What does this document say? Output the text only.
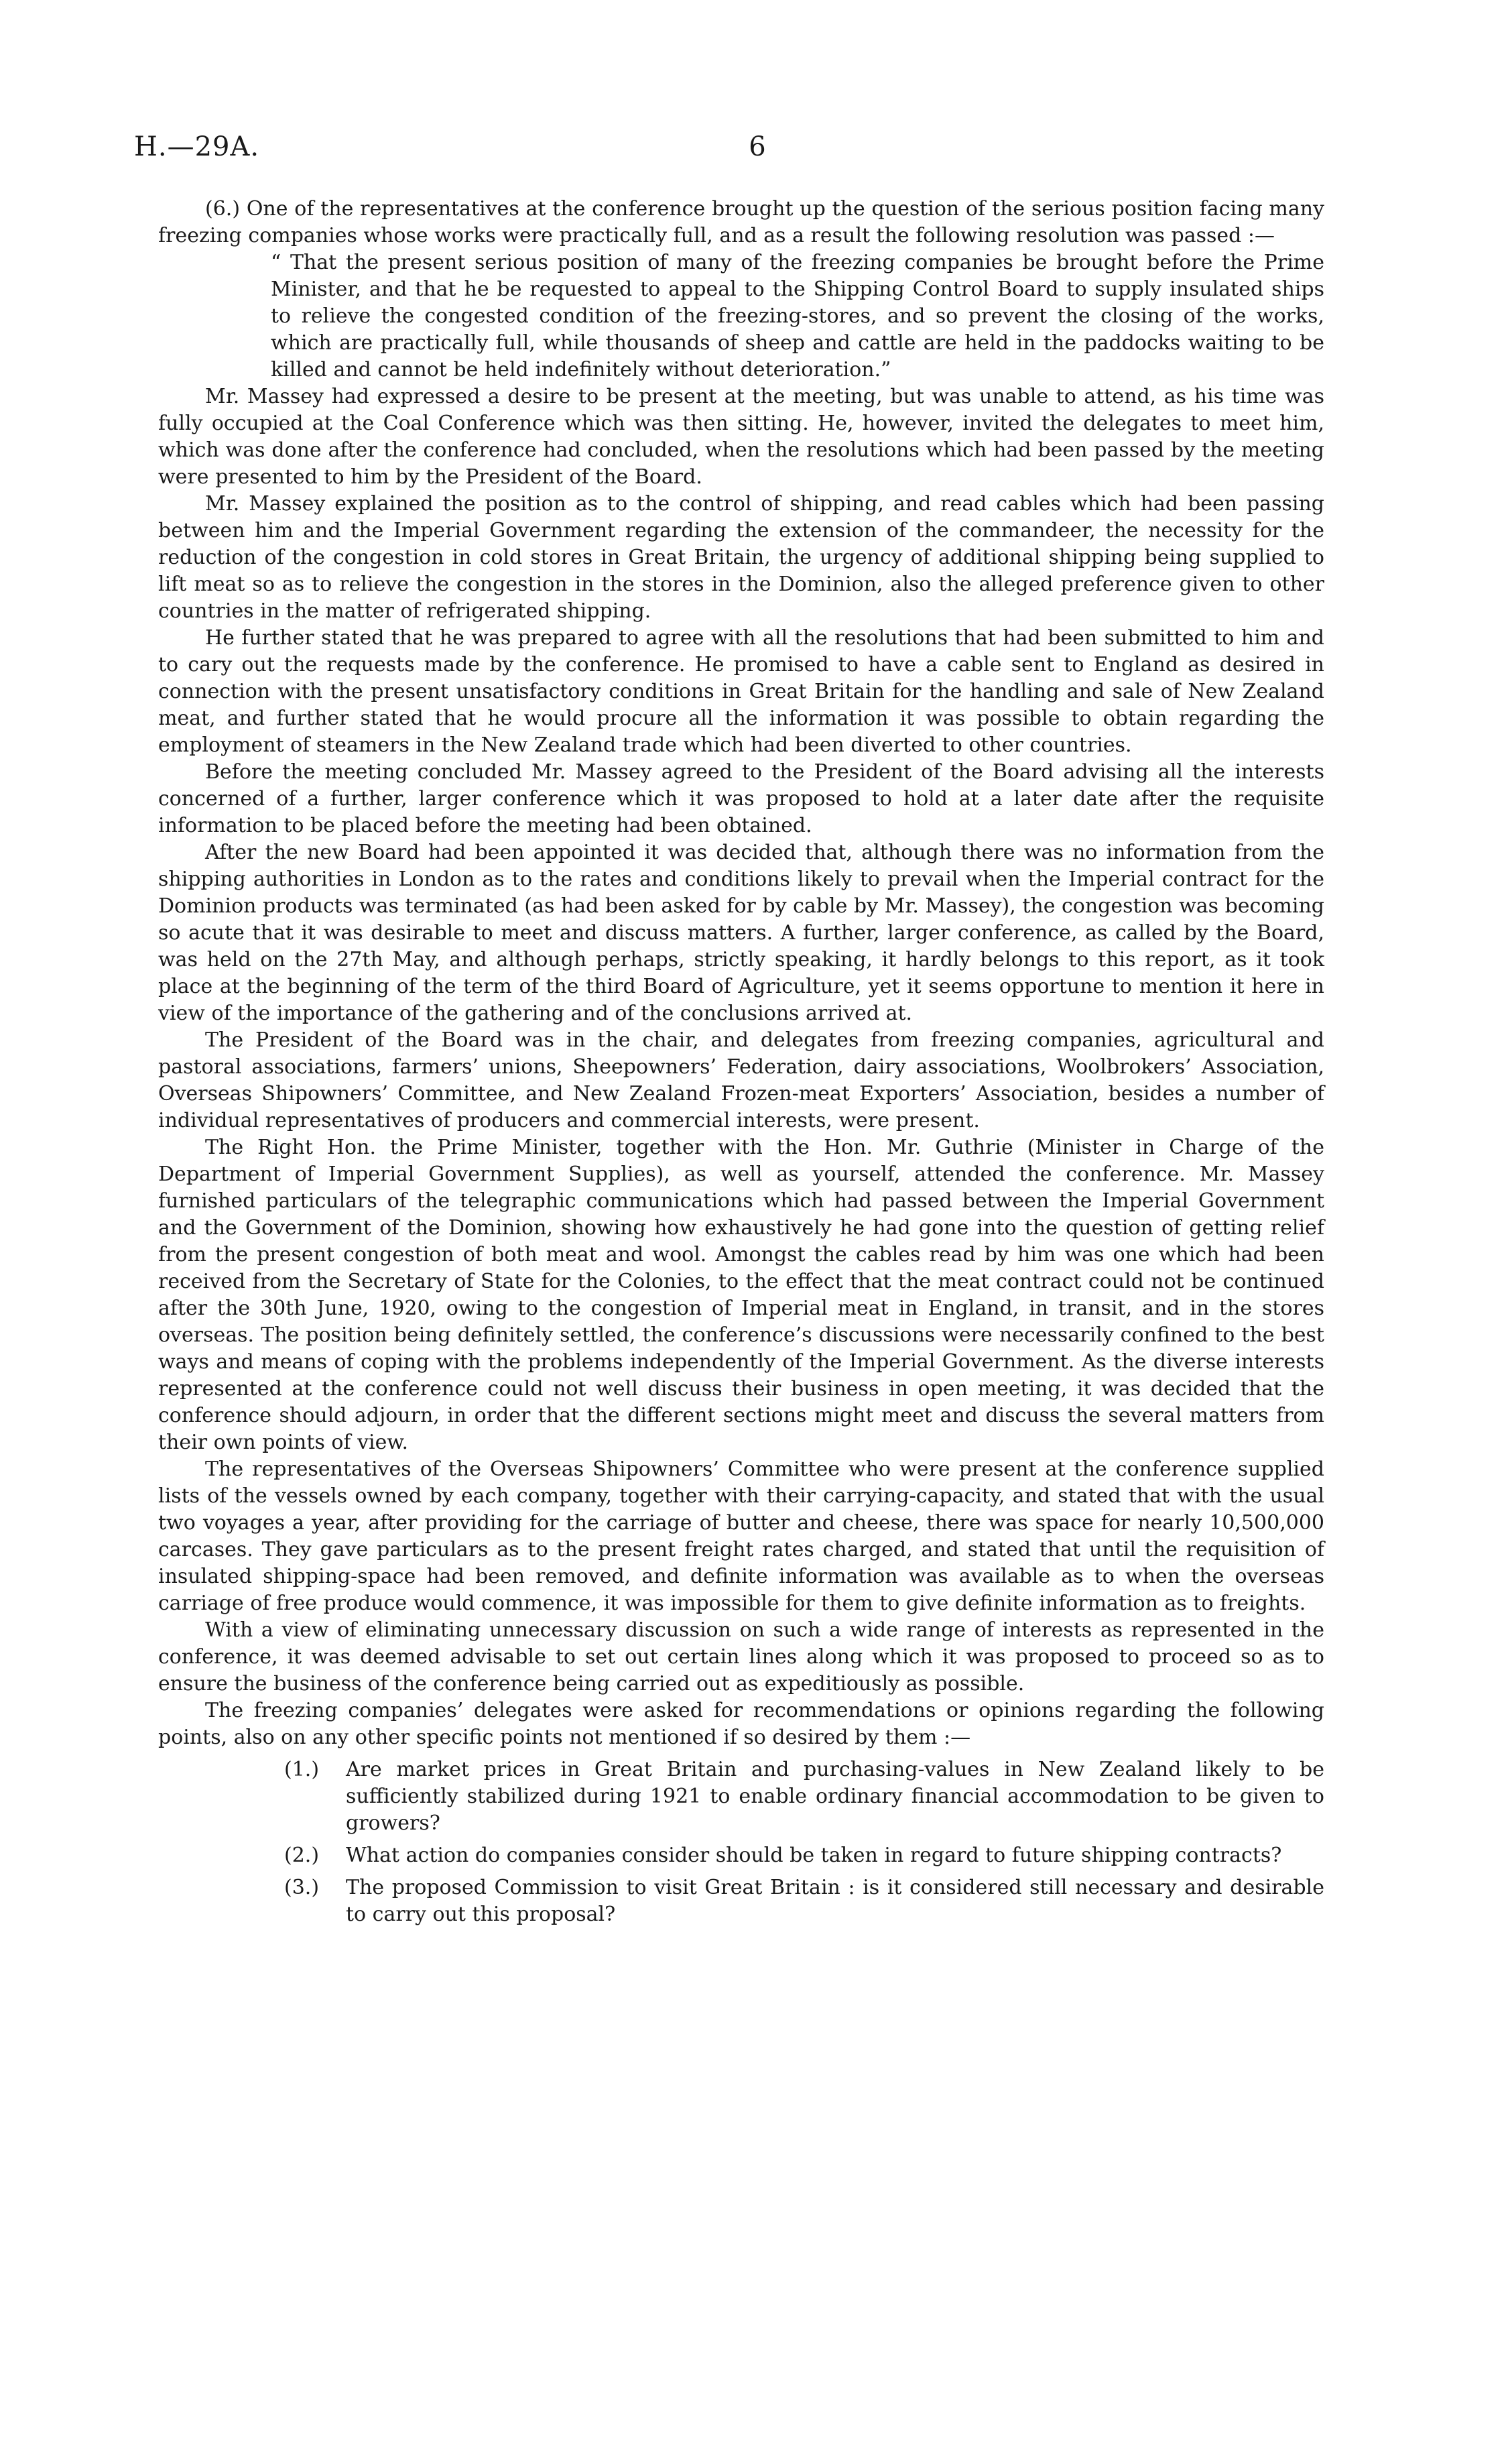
H.—29A.	6

(6.) One of the representatives at the conference brought up the question of the serious position facing many freezing companies whose works were practically full, and as a result the following resolution was passed :—

“ That the present serious position of many of the freezing companies be brought before the Prime Minister, and that he be requested to appeal to the Shipping Control Board to supply insulated ships to relieve the congested condition of the freezing-stores, and so prevent the closing of the works, which are practically full, while thousands of sheep and cattle are held in the paddocks waiting to be killed and cannot be held indefinitely without deterioration.”

Mr. Massey had expressed a desire to be present at the meeting, but was unable to attend, as his time was fully occupied at the Coal Conference which was then sitting. He, however, invited the delegates to meet him, which was done after the conference had concluded, when the resolutions which had been passed by the meeting were presented to him by the President of the Board.

Mr. Massey explained the position as to the control of shipping, and read cables which had been passing between him and the Imperial Government regarding the extension of the commandeer, the necessity for the reduction of the congestion in cold stores in Great Britain, the urgency of additional shipping being supplied to lift meat so as to relieve the congestion in the stores in the Dominion, also the alleged preference given to other countries in the matter of refrigerated shipping.

He further stated that he was prepared to agree with all the resolutions that had been submitted to him and to cary out the requests made by the conference. He promised to have a cable sent to England as desired in connection with the present unsatisfactory conditions in Great Britain for the handling and sale of New Zealand meat, and further stated that he would procure all the information it was possible to obtain regarding the employment of steamers in the New Zealand trade which had been diverted to other countries.

Before the meeting concluded Mr. Massey agreed to the President of the Board advising all the interests concerned of a further, larger conference which it was proposed to hold at a later date after the requisite information to be placed before the meeting had been obtained.

After the new Board had been appointed it was decided that, although there was no information from the shipping authorities in London as to the rates and conditions likely to prevail when the Imperial contract for the Dominion products was terminated (as had been asked for by cable by Mr. Massey), the congestion was becoming so acute that it was desirable to meet and discuss matters. A further, larger conference, as called by the Board, was held on the 27th May, and although perhaps, strictly speaking, it hardly belongs to this report, as it took place at the beginning of the term of the third Board of Agriculture, yet it seems opportune to mention it here in view of the importance of the gathering and of the conclusions arrived at.

The President of the Board was in the chair, and delegates from freezing companies, agricultural and pastoral associations, farmers’ unions, Sheepowners’ Federation, dairy associations, Woolbrokers’ Association, Overseas Shipowners’ Committee, and New Zealand Frozen-meat Exporters’ Association, besides a number of individual representatives of producers and commercial interests, were present.

The Right Hon. the Prime Minister, together with the Hon. Mr. Guthrie (Minister in Charge of the Department of Imperial Government Supplies), as well as yourself, attended the conference. Mr. Massey furnished particulars of the telegraphic communications which had passed between the Imperial Government and the Government of the Dominion, showing how exhaustively he had gone into the question of getting relief from the present congestion of both meat and wool. Amongst the cables read by him was one which had been received from the Secretary of State for the Colonies, to the effect that the meat contract could not be continued after the 30th June, 1920, owing to the congestion of Imperial meat in England, in transit, and in the stores overseas. The position being definitely settled, the conference’s discussions were necessarily confined to the best ways and means of coping with the problems independently of the Imperial Government. As the diverse interests represented at the conference could not well discuss their business in open meeting, it was decided that the conference should adjourn, in order that the different sections might meet and discuss the several matters from their own points of view.

The representatives of the Overseas Shipowners’ Committee who were present at the conference supplied lists of the vessels owned by each company, together with their carrying-capacity, and stated that with the usual two voyages a year, after providing for the carriage of butter and cheese, there was space for nearly 10,500,000 carcases. They gave particulars as to the present freight rates charged, and stated that until the requisition of insulated shipping-space had been removed, and definite information was available as to when the overseas carriage of free produce would commence, it was impossible for them to give definite information as to freights.

With a view of eliminating unnecessary discussion on such a wide range of interests as represented in the conference, it was deemed advisable to set out certain lines along which it was proposed to proceed so as to ensure the business of the conference being carried out as expeditiously as possible.

The freezing companies’ delegates were asked for recommendations or opinions regarding the following points, also on any other specific points not mentioned if so desired by them :—

(1.) Are market prices in Great Britain and purchasing-values in New Zealand likely to be sufficiently stabilized during 1921 to enable ordinary financial accommodation to be given to growers?
(2.) What action do companies consider should be taken in regard to future shipping contracts?
(3.) The proposed Commission to visit Great Britain : is it considered still necessary and desirable to carry out this proposal?
